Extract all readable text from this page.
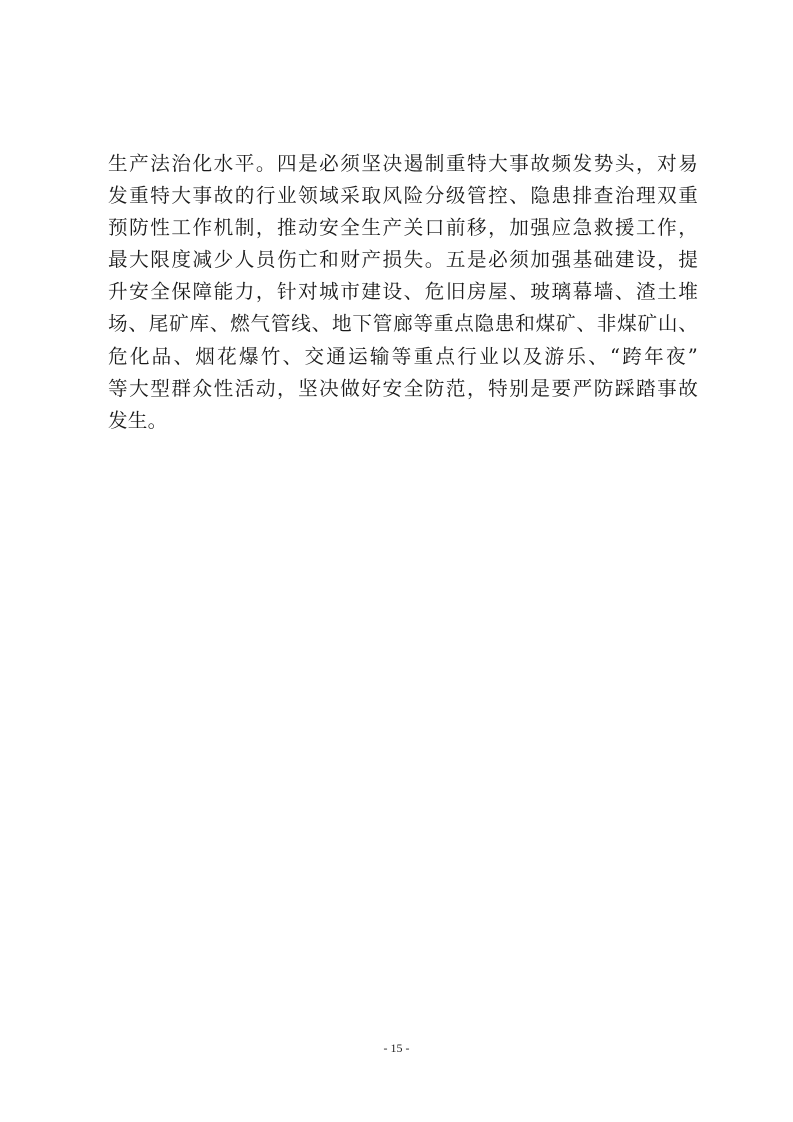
生产法治化水平。四是必须坚决遏制重特大事故频发势头，对易
发重特大事故的行业领域采取风险分级管控、隐患排查治理双重
预防性工作机制，推动安全生产关口前移，加强应急救援工作，
最大限度减少人员伤亡和财产损失。五是必须加强基础建设，提
升安全保障能力，针对城市建设、危旧房屋、玻璃幕墙、渣土堆
场、尾矿库、燃气管线、地下管廊等重点隐患和煤矿、非煤矿山、
危化品、烟花爆竹、交通运输等重点行业以及游乐、“跨年夜”
等大型群众性活动，坚决做好安全防范，特别是要严防踩踏事故
发生。
- 15 -
